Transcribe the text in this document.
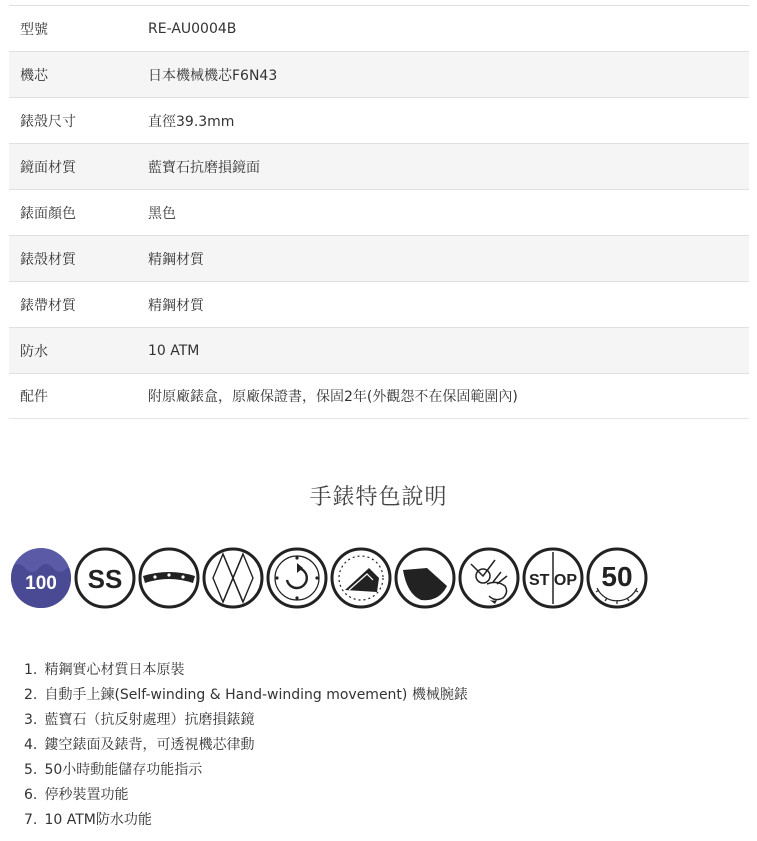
型號	RE-AU0004B
機芯	日本機械機芯F6N43
錶殼尺寸	直徑39.3mm
鏡面材質	藍寶石抗磨損鏡面
錶面顏色	黑色
錶殼材質	精鋼材質
錶帶材質	精鋼材質
防水	10 ATM
配件	附原廠錶盒，原廠保證書，保固2年(外觀怨不在保固範圍內)
手錶特色說明
100 SS	ST OP 50
1. 精鋼實心材質日本原裝
2. 自動手上鍊(Self-winding & Hand-winding movement) 機械腕錶
3. 藍寶石（抗反射處理）抗磨損錶鏡
4. 鏤空錶面及錶背，可透視機芯律動
5. 50小時動能儲存功能指示
6. 停秒裝置功能
7. 10 ATM防水功能
